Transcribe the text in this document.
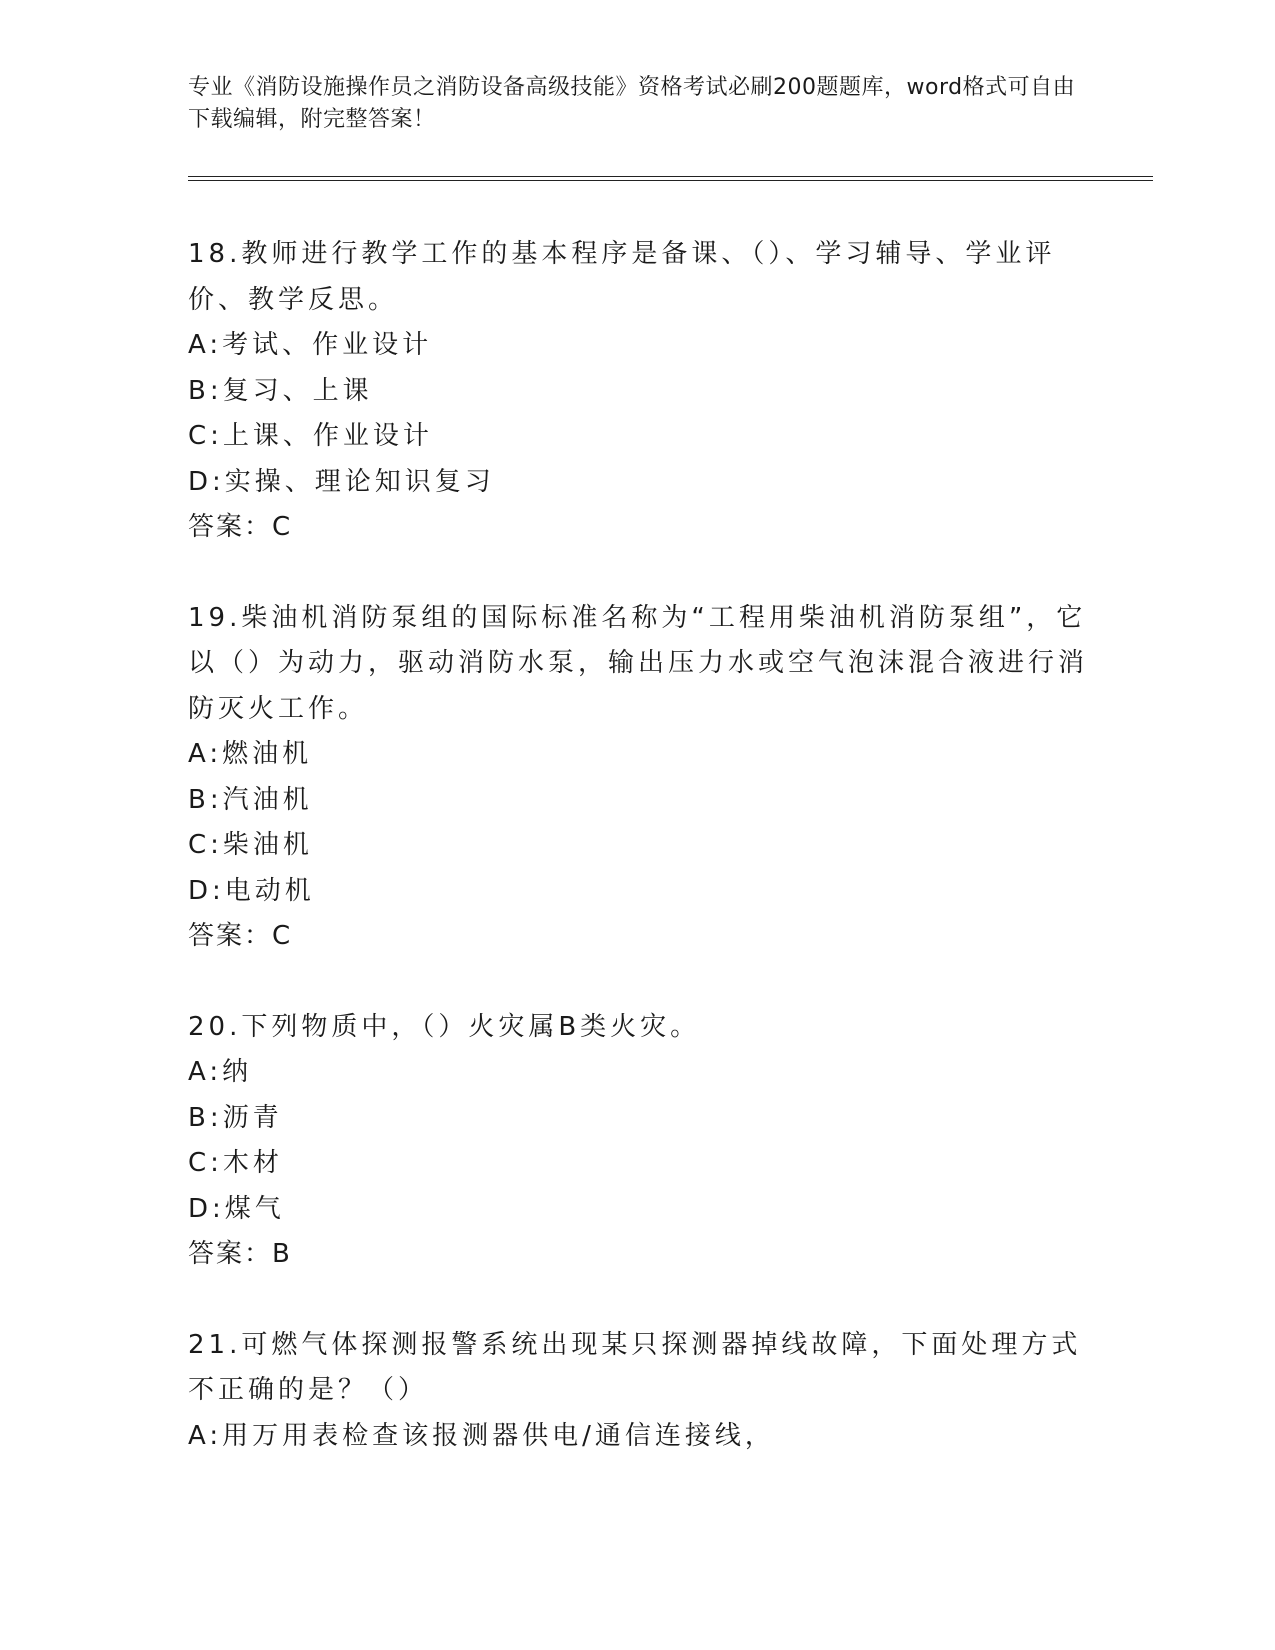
专业《消防设施操作员之消防设备高级技能》资格考试必刷200题题库，word格式可自由下载编辑，附完整答案！
18.教师进行教学工作的基本程序是备课、（）、学习辅导、学业评价、教学反思。
A:考试、作业设计
B:复习、上课
C:上课、作业设计
D:实操、理论知识复习
答案：C
19.柴油机消防泵组的国际标准名称为“工程用柴油机消防泵组”，它以（）为动力，驱动消防水泵，输出压力水或空气泡沫混合液进行消防灭火工作。
A:燃油机
B:汽油机
C:柴油机
D:电动机
答案：C
20.下列物质中，（）火灾属B类火灾。
A:纳
B:沥青
C:木材
D:煤气
答案：B
21.可燃气体探测报警系统出现某只探测器掉线故障，下面处理方式不正确的是？（）
A:用万用表检查该报测器供电/通信连接线，
